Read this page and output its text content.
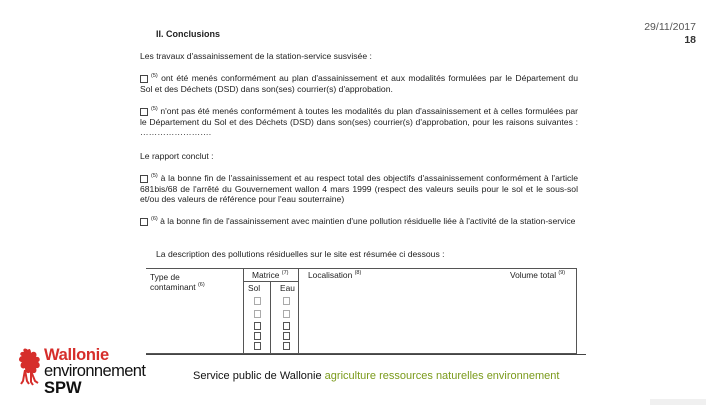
29/11/2017
18

II. Conclusions

Les travaux d'assainissement de la station-service susvisée :

$^{(5)}$ ont été menés conformément au plan d'assainissement et aux modalités formulées par le Département du Sol et des Déchets (DSD) dans son(ses) courrier(s) d'approbation.

$^{(5)}$ n'ont pas été menés conformément à toutes les modalités du plan d'assainissement et à celles formulées par le Département du Sol et des Déchets (DSD) dans son(ses) courrier(s) d'approbation, pour les raisons suivantes : …………………….

Le rapport conclut :

$^{(5)}$ à la bonne fin de l'assainissement et au respect total des objectifs d'assainissement conformément à l'article 681bis/68 de l'arrêté du Gouvernement wallon 4 mars 1999 (respect des valeurs seuils pour le sol et le sous-sol et/ou des valeurs de référence pour l'eau souterraine)

$^{(6)}$ à la bonne fin de l'assainissement avec maintien d'une pollution résiduelle liée à l'activité de la station-service

La description des pollutions résiduelles sur le site est résumée ci dessous :

Type de contaminant $^{(6)}$
Matrice $^{(7)}$
Sol Eau
Localisation $^{(8)}$	Volume total $^{(9)}$
Wallonie
environnement
SPW
Service public de Wallonie agriculture ressources naturelles environnement
